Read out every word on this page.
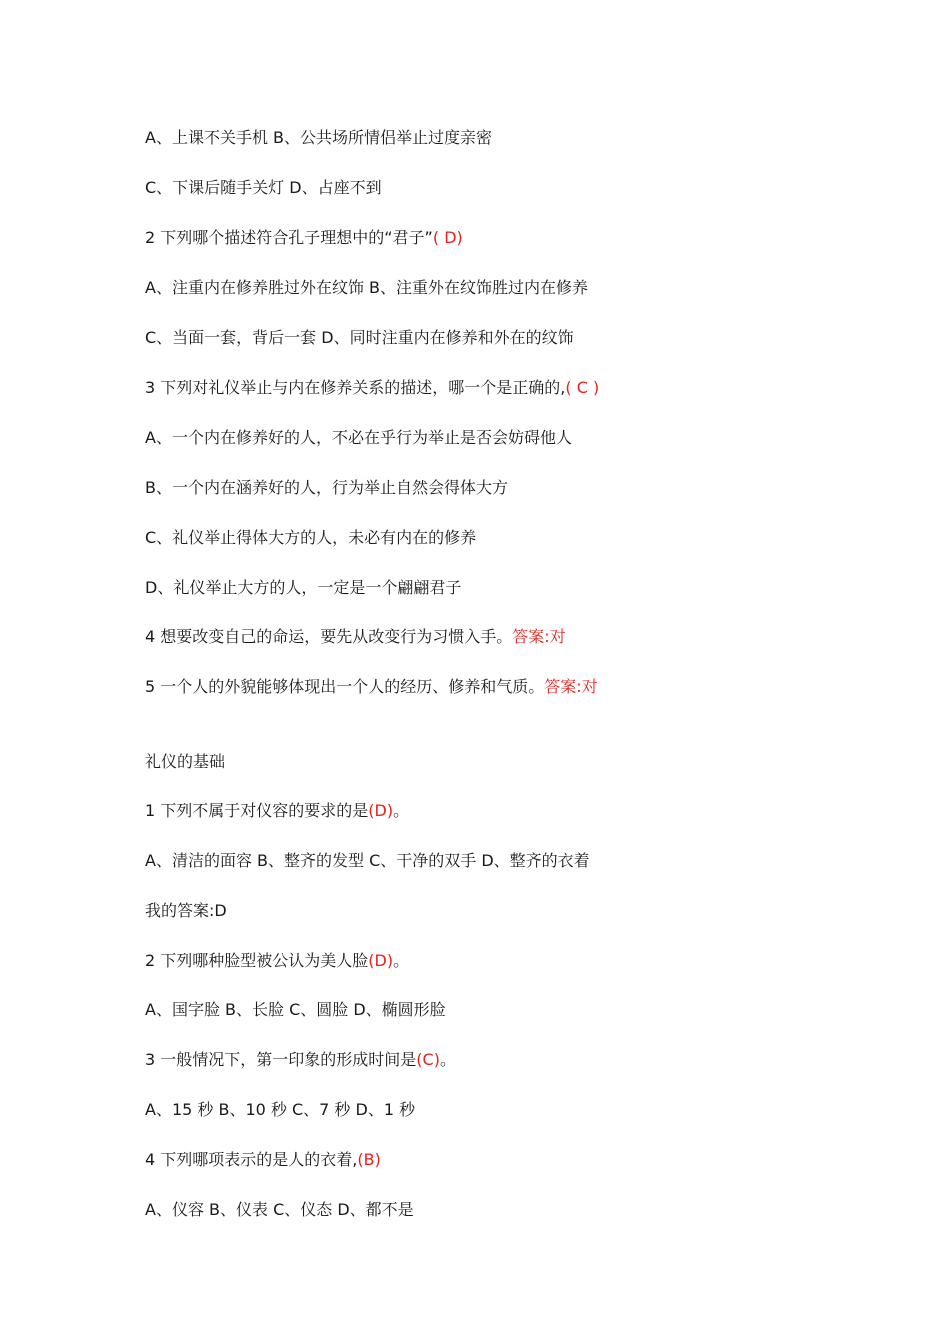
A、上课不关手机 B、公共场所情侣举止过度亲密
C、下课后随手关灯 D、占座不到
2 下列哪个描述符合孔子理想中的“君子”( D)
A、注重内在修养胜过外在纹饰 B、注重外在纹饰胜过内在修养
C、当面一套，背后一套 D、同时注重内在修养和外在的纹饰
3 下列对礼仪举止与内在修养关系的描述，哪一个是正确的,( C )
A、一个内在修养好的人，不必在乎行为举止是否会妨碍他人
B、一个内在涵养好的人，行为举止自然会得体大方
C、礼仪举止得体大方的人，未必有内在的修养
D、礼仪举止大方的人，一定是一个翩翩君子
4 想要改变自己的命运，要先从改变行为习惯入手。答案:对
5 一个人的外貌能够体现出一个人的经历、修养和气质。答案:对
礼仪的基础
1 下列不属于对仪容的要求的是(D)。
A、清洁的面容 B、整齐的发型 C、干净的双手 D、整齐的衣着
我的答案:D
2 下列哪种脸型被公认为美人脸(D)。
A、国字脸 B、长脸 C、圆脸 D、椭圆形脸
3 一般情况下，第一印象的形成时间是(C)。
A、15 秒 B、10 秒 C、7 秒 D、1 秒
4 下列哪项表示的是人的衣着,(B)
A、仪容 B、仪表 C、仪态 D、都不是
